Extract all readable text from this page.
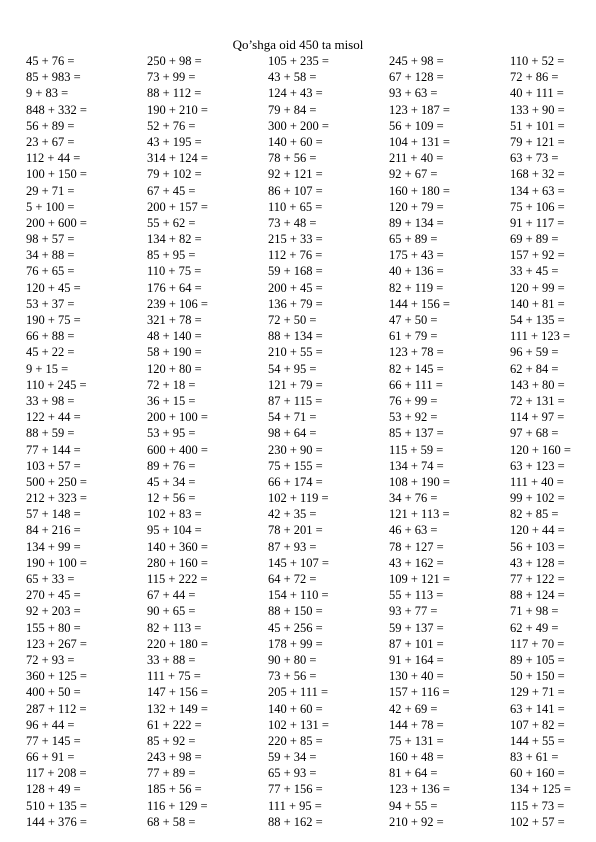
Qo’shga oid 450 ta misol
45 + 76 =
85 + 983 =
9 + 83 =
848 + 332 =
56 + 89 =
23 + 67 =
112 + 44 =
100 + 150 =
29 + 71 =
5 + 100 =
200 + 600 =
98 + 57 =
34 + 88 =
76 + 65 =
120 + 45 =
53 + 37 =
190 + 75 =
66 + 88 =
45 + 22 =
9 + 15 =
110 + 245 =
33 + 98 =
122 + 44 =
88 + 59 =
77 + 144 =
103 + 57 =
500 + 250 =
212 + 323 =
57 + 148 =
84 + 216 =
134 + 99 =
190 + 100 =
65 + 33 =
270 + 45 =
92 + 203 =
155 + 80 =
123 + 267 =
72 + 93 =
360 + 125 =
400 + 50 =
287 + 112 =
96 + 44 =
77 + 145 =
66 + 91 =
117 + 208 =
128 + 49 =
510 + 135 =
144 + 376 =
250 + 98 =
73 + 99 =
88 + 112 =
190 + 210 =
52 + 76 =
43 + 195 =
314 + 124 =
79 + 102 =
67 + 45 =
200 + 157 =
55 + 62 =
134 + 82 =
85 + 95 =
110 + 75 =
176 + 64 =
239 + 106 =
321 + 78 =
48 + 140 =
58 + 190 =
120 + 80 =
72 + 18 =
36 + 15 =
200 + 100 =
53 + 95 =
600 + 400 =
89 + 76 =
45 + 34 =
12 + 56 =
102 + 83 =
95 + 104 =
140 + 360 =
280 + 160 =
115 + 222 =
67 + 44 =
90 + 65 =
82 + 113 =
220 + 180 =
33 + 88 =
111 + 75 =
147 + 156 =
132 + 149 =
61 + 222 =
85 + 92 =
243 + 98 =
77 + 89 =
185 + 56 =
116 + 129 =
68 + 58 =
105 + 235 =
43 + 58 =
124 + 43 =
79 + 84 =
300 + 200 =
140 + 60 =
78 + 56 =
92 + 121 =
86 + 107 =
110 + 65 =
73 + 48 =
215 + 33 =
112 + 76 =
59 + 168 =
200 + 45 =
136 + 79 =
72 + 50 =
88 + 134 =
210 + 55 =
54 + 95 =
121 + 79 =
87 + 115 =
54 + 71 =
98 + 64 =
230 + 90 =
75 + 155 =
66 + 174 =
102 + 119 =
42 + 35 =
78 + 201 =
87 + 93 =
145 + 107 =
64 + 72 =
154 + 110 =
88 + 150 =
45 + 256 =
178 + 99 =
90 + 80 =
73 + 56 =
205 + 111 =
140 + 60 =
102 + 131 =
220 + 85 =
59 + 34 =
65 + 93 =
77 + 156 =
111 + 95 =
88 + 162 =
245 + 98 =
67 + 128 =
93 + 63 =
123 + 187 =
56 + 109 =
104 + 131 =
211 + 40 =
92 + 67 =
160 + 180 =
120 + 79 =
89 + 134 =
65 + 89 =
175 + 43 =
40 + 136 =
82 + 119 =
144 + 156 =
47 + 50 =
61 + 79 =
123 + 78 =
82 + 145 =
66 + 111 =
76 + 99 =
53 + 92 =
85 + 137 =
115 + 59 =
134 + 74 =
108 + 190 =
34 + 76 =
121 + 113 =
46 + 63 =
78 + 127 =
43 + 162 =
109 + 121 =
55 + 113 =
93 + 77 =
59 + 137 =
87 + 101 =
91 + 164 =
130 + 40 =
157 + 116 =
42 + 69 =
144 + 78 =
75 + 131 =
160 + 48 =
81 + 64 =
123 + 136 =
94 + 55 =
210 + 92 =
110 + 52 =
72 + 86 =
40 + 111 =
133 + 90 =
51 + 101 =
79 + 121 =
63 + 73 =
168 + 32 =
134 + 63 =
75 + 106 =
91 + 117 =
69 + 89 =
157 + 92 =
33 + 45 =
120 + 99 =
140 + 81 =
54 + 135 =
111 + 123 =
96 + 59 =
62 + 84 =
143 + 80 =
72 + 131 =
114 + 97 =
97 + 68 =
120 + 160 =
63 + 123 =
111 + 40 =
99 + 102 =
82 + 85 =
120 + 44 =
56 + 103 =
43 + 128 =
77 + 122 =
88 + 124 =
71 + 98 =
62 + 49 =
117 + 70 =
89 + 105 =
50 + 150 =
129 + 71 =
63 + 141 =
107 + 82 =
144 + 55 =
83 + 61 =
60 + 160 =
134 + 125 =
115 + 73 =
102 + 57 =
